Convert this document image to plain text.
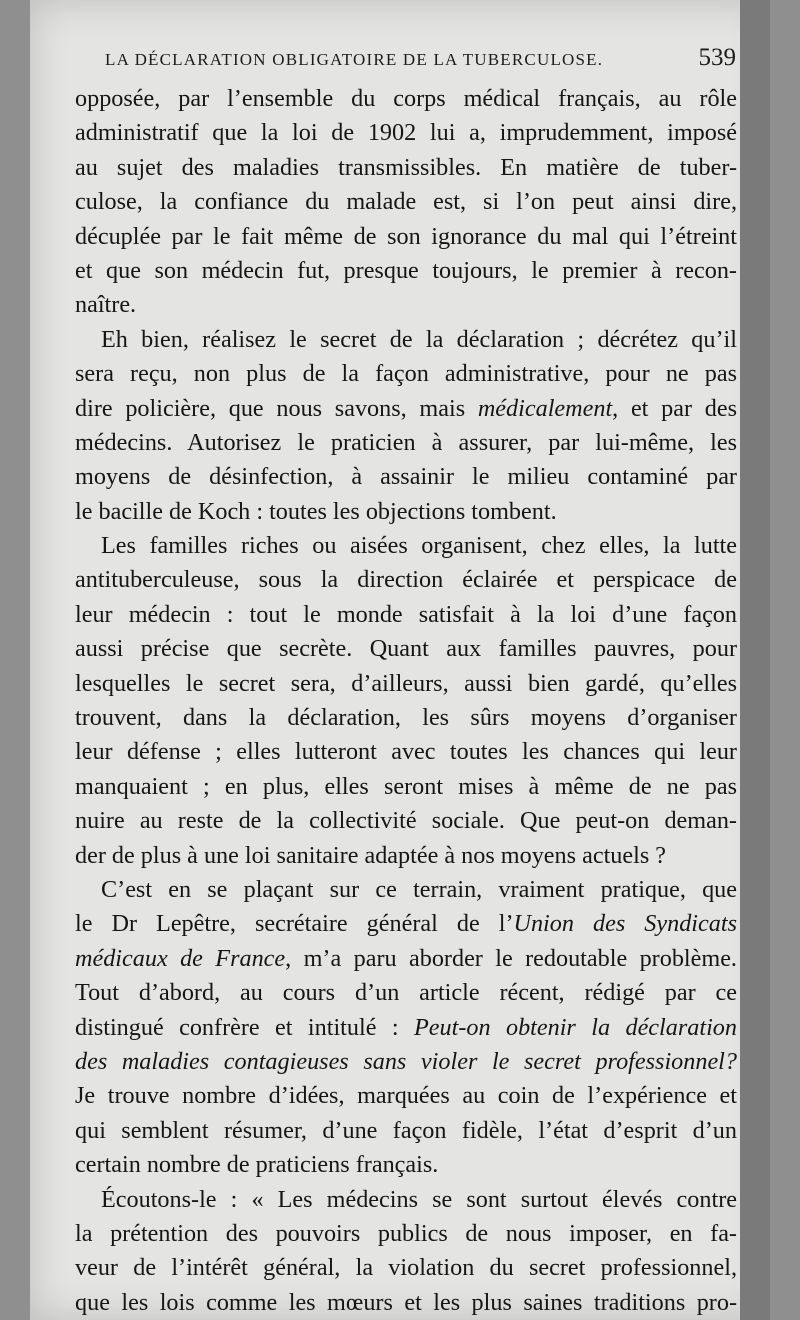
LA DÉCLARATION OBLIGATOIRE DE LA TUBERCULOSE.	539
opposée, par l’ensemble du corps médical français, au rôle
administratif que la loi de 1902 lui a, imprudemment, imposé
au sujet des maladies transmissibles. En matière de tuber-
culose, la confiance du malade est, si l’on peut ainsi dire,
décuplée par le fait même de son ignorance du mal qui l’étreint
et que son médecin fut, presque toujours, le premier à recon-
naître.
Eh bien, réalisez le secret de la déclaration ; décrétez qu’il
sera reçu, non plus de la façon administrative, pour ne pas
dire policière, que nous savons, mais médicalement, et par des
médecins. Autorisez le praticien à assurer, par lui-même, les
moyens de désinfection, à assainir le milieu contaminé par
le bacille de Koch : toutes les objections tombent.
Les familles riches ou aisées organisent, chez elles, la lutte
antituberculeuse, sous la direction éclairée et perspicace de
leur médecin : tout le monde satisfait à la loi d’une façon
aussi précise que secrète. Quant aux familles pauvres, pour
lesquelles le secret sera, d’ailleurs, aussi bien gardé, qu’elles
trouvent, dans la déclaration, les sûrs moyens d’organiser
leur défense ; elles lutteront avec toutes les chances qui leur
manquaient ; en plus, elles seront mises à même de ne pas
nuire au reste de la collectivité sociale. Que peut-on deman-
der de plus à une loi sanitaire adaptée à nos moyens actuels ?
C’est en se plaçant sur ce terrain, vraiment pratique, que
le Dr Lepêtre, secrétaire général de l’Union des Syndicats
médicaux de France, m’a paru aborder le redoutable problème.
Tout d’abord, au cours d’un article récent, rédigé par ce
distingué confrère et intitulé : Peut-on obtenir la déclaration
des maladies contagieuses sans violer le secret professionnel?
Je trouve nombre d’idées, marquées au coin de l’expérience et
qui semblent résumer, d’une façon fidèle, l’état d’esprit d’un
certain nombre de praticiens français.
Écoutons-le : « Les médecins se sont surtout élevés contre
la prétention des pouvoirs publics de nous imposer, en fa-
veur de l’intérêt général, la violation du secret professionnel,
que les lois comme les mœurs et les plus saines traditions pro-
